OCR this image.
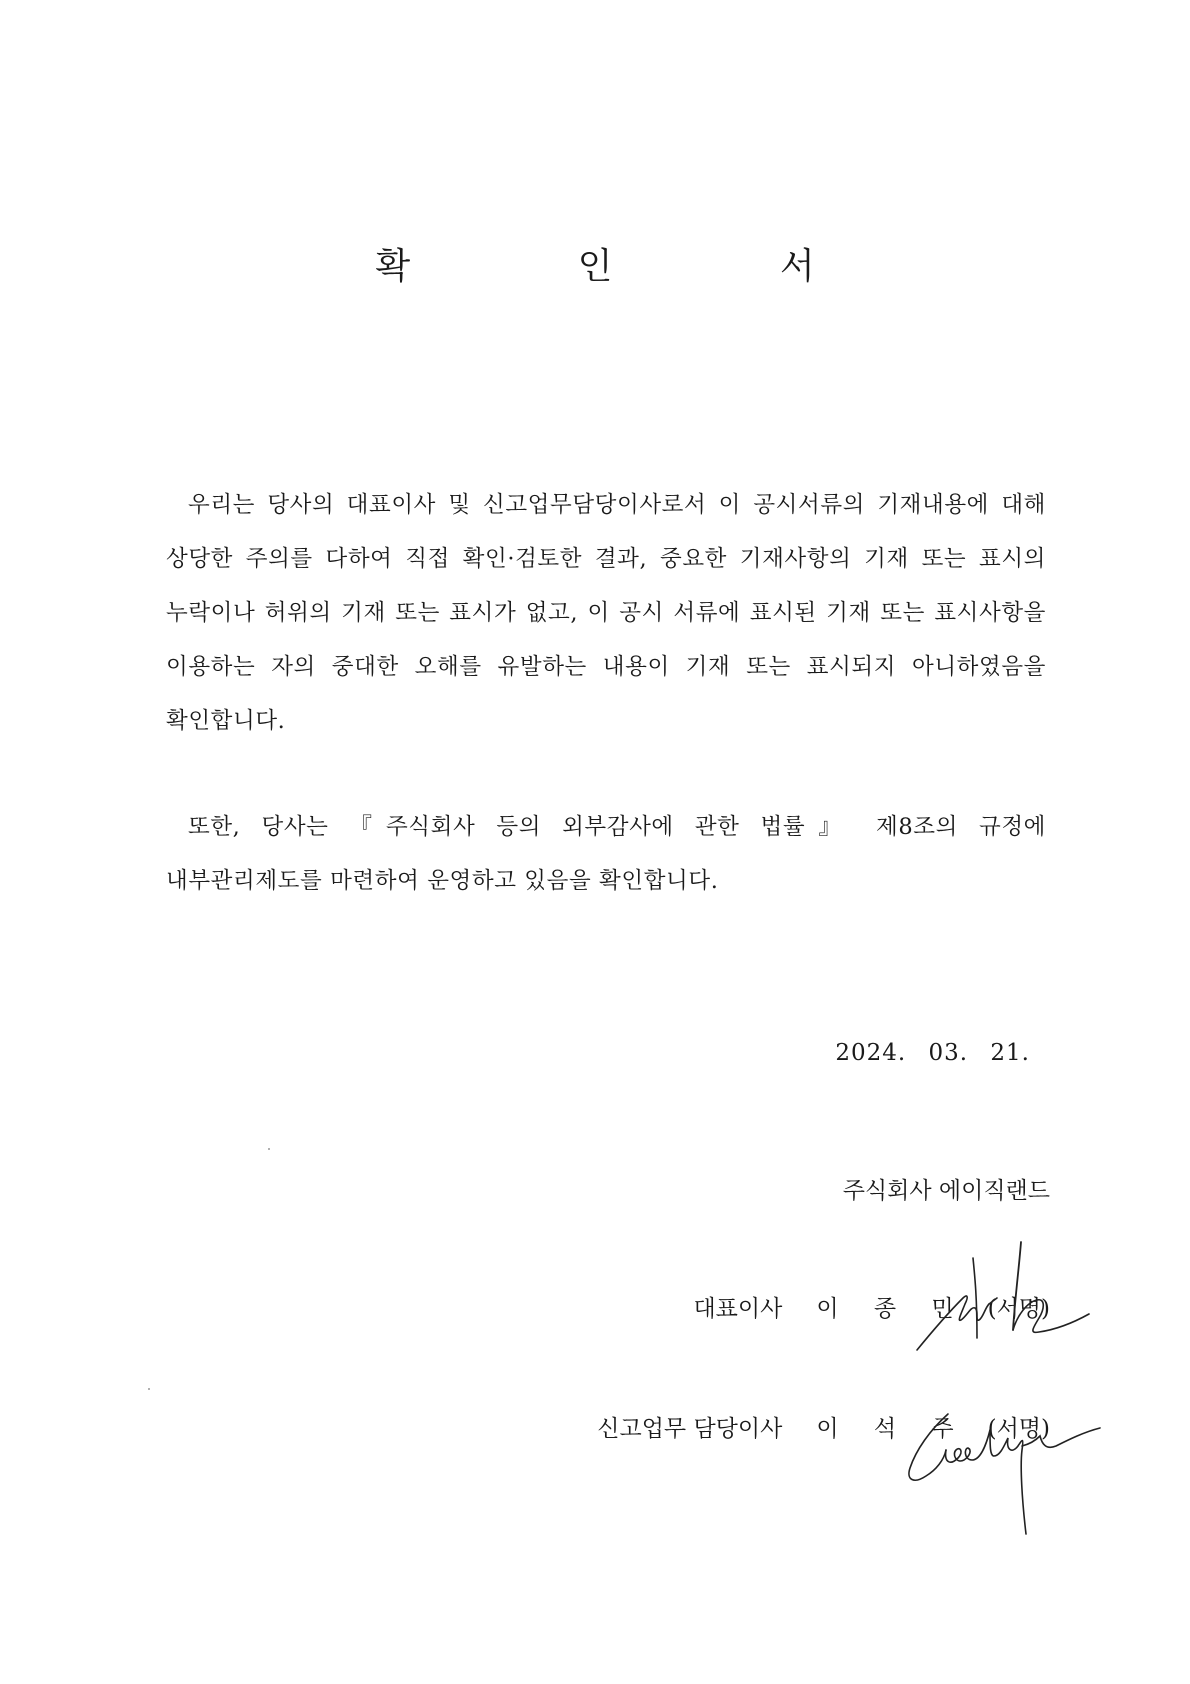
확 인 서

우리는 당사의 대표이사 및 신고업무담당이사로서 이 공시서류의 기재내용에 대해 상당한 주의를 다하여 직접 확인·검토한 결과, 중요한 기재사항의 기재 또는 표시의 누락이나 허위의 기재 또는 표시가 없고, 이 공시 서류에 표시된 기재 또는 표시사항을 이용하는 자의 중대한 오해를 유발하는 내용이 기재 또는 표시되지 아니하였음을 확인합니다.

또한, 당사는 『주식회사 등의 외부감사에 관한 법률』 제8조의 규정에 내부관리제도를 마련하여 운영하고 있음을 확인합니다.

2024. 03. 21.
주식회사 에이직랜드
대표이사 이 종 민 (서명)
신고업무 담당이사 이 석 주 (서명)
